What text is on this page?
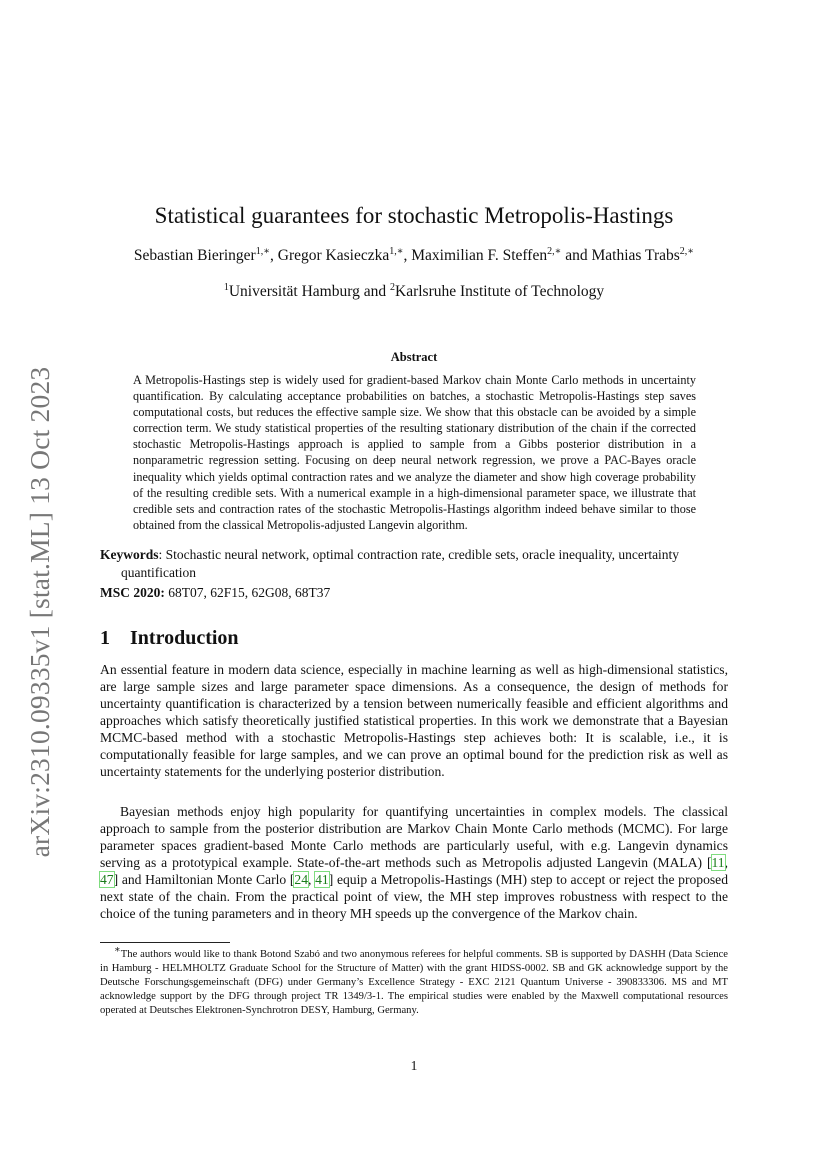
arXiv:2310.09335v1 [stat.ML] 13 Oct 2023
Statistical guarantees for stochastic Metropolis-Hastings
Sebastian Bieringer$^{1,∗}$, Gregor Kasieczka$^{1,∗}$, Maximilian F. Steffen$^{2,∗}$ and Mathias Trabs$^{2,∗}$
$^1$Universität Hamburg and $^2$Karlsruhe Institute of Technology
Abstract
A Metropolis-Hastings step is widely used for gradient-based Markov chain Monte Carlo methods in uncertainty quantification. By calculating acceptance probabilities on batches, a stochastic Metropolis-Hastings step saves computational costs, but reduces the effective sample size. We show that this obstacle can be avoided by a simple correction term. We study statistical properties of the resulting stationary distribution of the chain if the corrected stochastic Metropolis-Hastings approach is applied to sample from a Gibbs posterior distribution in a nonparametric regression setting. Focusing on deep neural network regression, we prove a PAC-Bayes oracle inequality which yields optimal contraction rates and we analyze the diameter and show high coverage probability of the resulting credible sets. With a numerical example in a high-dimensional parameter space, we illustrate that credible sets and contraction rates of the stochastic Metropolis-Hastings algorithm indeed behave similar to those obtained from the classical Metropolis-adjusted Langevin algorithm.
Keywords: Stochastic neural network, optimal contraction rate, credible sets, oracle inequality, uncertainty quantification
MSC 2020: 68T07, 62F15, 62G08, 68T37
1 Introduction
An essential feature in modern data science, especially in machine learning as well as high-dimensional statistics, are large sample sizes and large parameter space dimensions. As a consequence, the design of methods for uncertainty quantification is characterized by a tension between numerically feasible and efficient algorithms and approaches which satisfy theoretically justified statistical properties. In this work we demonstrate that a Bayesian MCMC-based method with a stochastic Metropolis-Hastings step achieves both: It is scalable, i.e., it is computationally feasible for large samples, and we can prove an optimal bound for the prediction risk as well as uncertainty statements for the underlying posterior distribution.
Bayesian methods enjoy high popularity for quantifying uncertainties in complex models. The classical approach to sample from the posterior distribution are Markov Chain Monte Carlo methods (MCMC). For large parameter spaces gradient-based Monte Carlo methods are particularly useful, with e.g. Langevin dynamics serving as a prototypical example. State-of-the-art methods such as Metropolis adjusted Langevin (MALA) [11, 47] and Hamiltonian Monte Carlo [24, 41] equip a Metropolis-Hastings (MH) step to accept or reject the proposed next state of the chain. From the practical point of view, the MH step improves robustness with respect to the choice of the tuning parameters and in theory MH speeds up the convergence of the Markov chain.
∗The authors would like to thank Botond Szabó and two anonymous referees for helpful comments. SB is supported by DASHH (Data Science in Hamburg - HELMHOLTZ Graduate School for the Structure of Matter) with the grant HIDSS-0002. SB and GK acknowledge support by the Deutsche Forschungsgemeinschaft (DFG) under Germany’s Excellence Strategy - EXC 2121 Quantum Universe - 390833306. MS and MT acknowledge support by the DFG through project TR 1349/3-1. The empirical studies were enabled by the Maxwell computational resources operated at Deutsches Elektronen-Synchrotron DESY, Hamburg, Germany.
1
